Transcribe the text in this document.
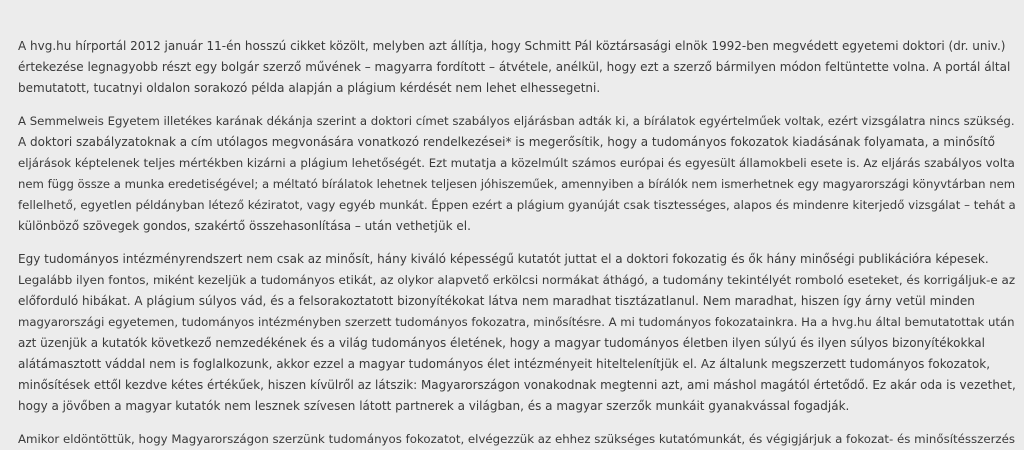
A hvg.hu hírportál 2012 január 11-én hosszú cikket közölt, melyben azt állítja, hogy Schmitt Pál köztársasági elnök 1992-ben megvédett egyetemi doktori (dr. univ.)
értekezése legnagyobb részt egy bolgár szerző művének – magyarra fordított – átvétele, anélkül, hogy ezt a szerző bármilyen módon feltüntette volna. A portál által
bemutatott, tucatnyi oldalon sorakozó példa alapján a plágium kérdését nem lehet elhessegetni.
A Semmelweis Egyetem illetékes karának dékánja szerint a doktori címet szabályos eljárásban adták ki, a bírálatok egyértelműek voltak, ezért vizsgálatra nincs szükség.
A doktori szabályzatoknak a cím utólagos megvonására vonatkozó rendelkezései* is megerősítik, hogy a tudományos fokozatok kiadásának folyamata, a minősítő
eljárások képtelenek teljes mértékben kizárni a plágium lehetőségét. Ezt mutatja a közelmúlt számos európai és egyesült államokbeli esete is. Az eljárás szabályos volta
nem függ össze a munka eredetiségével; a méltató bírálatok lehetnek teljesen jóhiszeműek, amennyiben a bírálók nem ismerhetnek egy magyarországi könyvtárban nem
fellelhető, egyetlen példányban létező kéziratot, vagy egyéb munkát. Éppen ezért a plágium gyanúját csak tisztességes, alapos és mindenre kiterjedő vizsgálat – tehát a
különböző szövegek gondos, szakértő összehasonlítása – után vethetjük el.
Egy tudományos intézményrendszert nem csak az minősít, hány kiváló képességű kutatót juttat el a doktori fokozatig és ők hány minőségi publikációra képesek.
Legalább ilyen fontos, miként kezeljük a tudományos etikát, az olykor alapvető erkölcsi normákat áthágó, a tudomány tekintélyét romboló eseteket, és korrigáljuk-e az
előforduló hibákat. A plágium súlyos vád, és a felsorakoztatott bizonyítékokat látva nem maradhat tisztázatlanul. Nem maradhat, hiszen így árny vetül minden
magyarországi egyetemen, tudományos intézményben szerzett tudományos fokozatra, minősítésre. A mi tudományos fokozatainkra. Ha a hvg.hu által bemutatottak után
azt üzenjük a kutatók következő nemzedékének és a világ tudományos életének, hogy a magyar tudományos életben ilyen súlyú és ilyen súlyos bizonyítékokkal
alátámasztott váddal nem is foglalkozunk, akkor ezzel a magyar tudományos élet intézményeit hiteltelenítjük el. Az általunk megszerzett tudományos fokozatok,
minősítések ettől kezdve kétes értékűek, hiszen kívülről az látszik: Magyarországon vonakodnak megtenni azt, ami máshol magától értetődő. Ez akár oda is vezethet,
hogy a jövőben a magyar kutatók nem lesznek szívesen látott partnerek a világban, és a magyar szerzők munkáit gyanakvással fogadják.
Amikor eldöntöttük, hogy Magyarországon szerzünk tudományos fokozatot, elvégezzük az ehhez szükséges kutatómunkát, és végigjárjuk a fokozat- és minősítésszerzés
